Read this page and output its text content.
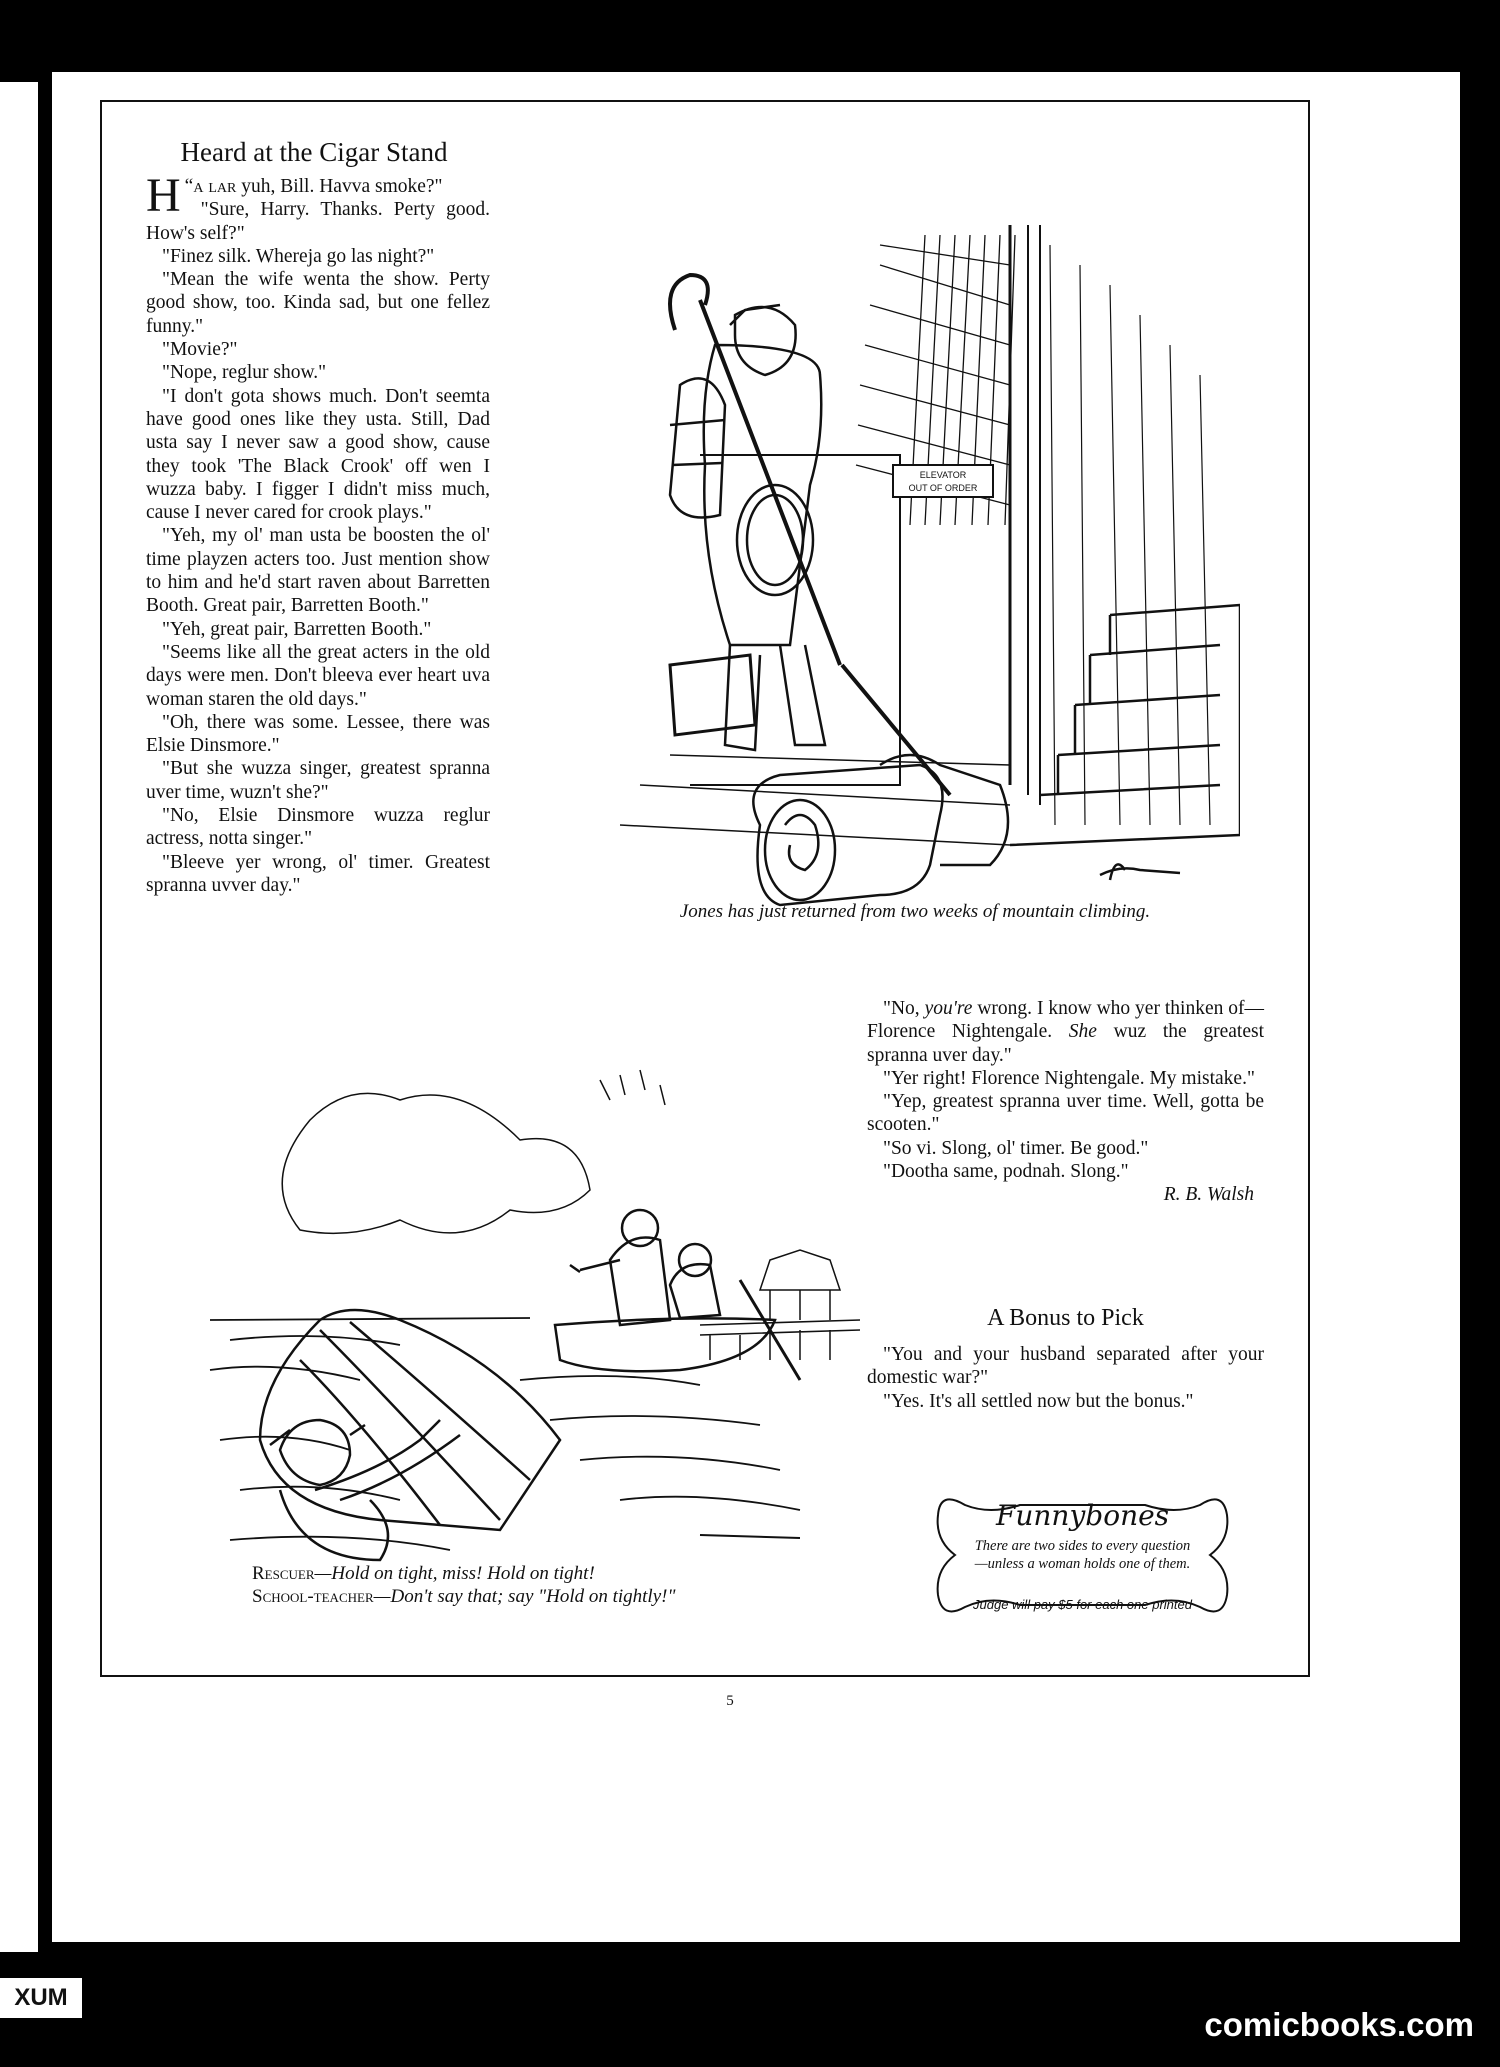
Heard at the Cigar Stand

“
H a lar yuh, Bill. Havva smoke?"

"Sure, Harry. Thanks. Perty good. How's self?"

"Finez silk. Whereja go las night?"

"Mean the wife wenta the show. Perty good show, too. Kinda sad, but one fellez funny."

"Movie?"

"Nope, reglur show."

"I don't gota shows much. Don't seemta have good ones like they usta. Still, Dad usta say I never saw a good show, cause they took 'The Black Crook' off wen I wuzza baby. I figger I didn't miss much, cause I never cared for crook plays."

"Yeh, my ol' man usta be boosten the ol' time playzen acters too. Just mention show to him and he'd start raven about Barretten Booth. Great pair, Barretten Booth."

"Yeh, great pair, Barretten Booth."

"Seems like all the great acters in the old days were men. Don't bleeva ever heart uva woman staren the old days."

"Oh, there was some. Lessee, there was Elsie Dinsmore."

"But she wuzza singer, greatest spranna uver time, wuzn't she?"

"No, Elsie Dinsmore wuzza reglur actress, notta singer."

"Bleeve yer wrong, ol' timer. Greatest spranna uvver day."

ELEVATOR
OUT OF ORDER
Jones has just returned from two weeks of mountain climbing.
Rescuer—Hold on tight, miss! Hold on tight!
School-teacher—Don't say that; say "Hold on tightly!"

"No, you're wrong. I know who yer thinken of—Florence Nightengale. She wuz the greatest spranna uver day."

"Yer right! Florence Nightengale. My mistake."

"Yep, greatest spranna uver time. Well, gotta be scooten."

"So vi. Slong, ol' timer. Be good."

"Dootha same, podnah. Slong."

R. B. Walsh
A Bonus to Pick

"You and your husband separated after your domestic war?"

"Yes. It's all settled now but the bonus."

Funnybones
There are two sides to every question—unless a woman holds one of them.
Judge will pay $5 for each one printed
5
XUM
comicbooks.com
